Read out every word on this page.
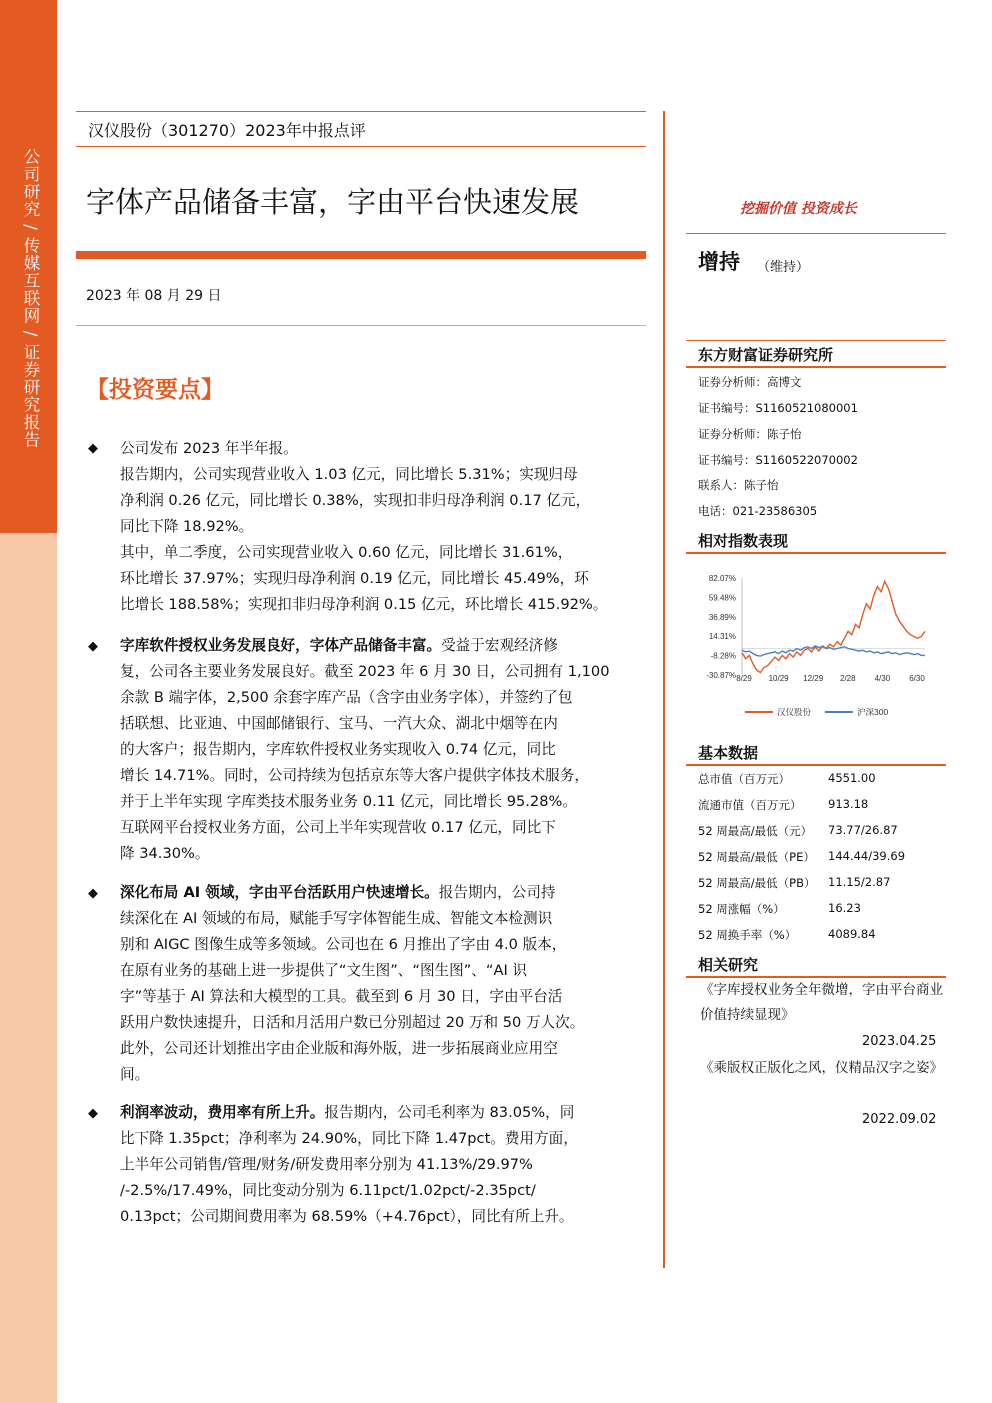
公司研究 / 传媒互联网 / 证券研究报告
汉仪股份（301270）2023年中报点评
字体产品储备丰富，字由平台快速发展
2023 年 08 月 29 日
【投资要点】
◆ 公司发布 2023 年半年报。
报告期内，公司实现营业收入 1.03 亿元，同比增长 5.31%；实现归母
净利润 0.26 亿元，同比增长 0.38%，实现扣非归母净利润 0.17 亿元，
同比下降 18.92%。
其中，单二季度，公司实现营业收入 0.60 亿元，同比增长 31.61%，
环比增长 37.97%；实现归母净利润 0.19 亿元，同比增长 45.49%，环
比增长 188.58%；实现扣非归母净利润 0.15 亿元，环比增长 415.92%。
◆ 字库软件授权业务发展良好，字体产品储备丰富。受益于宏观经济修
复，公司各主要业务发展良好。截至 2023 年 6 月 30 日，公司拥有 1,100
余款 B 端字体，2,500 余套字库产品（含字由业务字体），并签约了包
括联想、比亚迪、中国邮储银行、宝马、一汽大众、湖北中烟等在内
的大客户；报告期内，字库软件授权业务实现收入 0.74 亿元，同比
增长 14.71%。同时，公司持续为包括京东等大客户提供字体技术服务，
并于上半年实现 字库类技术服务业务 0.11 亿元，同比增长 95.28%。
互联网平台授权业务方面，公司上半年实现营收 0.17 亿元，同比下
降 34.30%。
◆ 深化布局 AI 领域，字由平台活跃用户快速增长。报告期内，公司持
续深化在 AI 领域的布局，赋能手写字体智能生成、智能文本检测识
别和 AIGC 图像生成等多领域。公司也在 6 月推出了字由 4.0 版本，
在原有业务的基础上进一步提供了“文生图”、“图生图”、“AI 识
字”等基于 AI 算法和大模型的工具。截至到 6 月 30 日，字由平台活
跃用户数快速提升，日活和月活用户数已分别超过 20 万和 50 万人次。
此外，公司还计划推出字由企业版和海外版，进一步拓展商业应用空
间。
◆ 利润率波动，费用率有所上升。报告期内，公司毛利率为 83.05%，同
比下降 1.35pct；净利率为 24.90%，同比下降 1.47pct。费用方面，
上半年公司销售/管理/财务/研发费用率分别为 41.13%/29.97%
/-2.5%/17.49%，同比变动分别为 6.11pct/1.02pct/-2.35pct/
0.13pct；公司期间费用率为 68.59%（+4.76pct），同比有所上升。
挖掘价值 投资成长
增持 （维持）
东方财富证券研究所
证券分析师：高博文
证书编号：S1160521080001
证券分析师：陈子怡
证书编号：S1160522070002
联系人：陈子怡
电话：021-23586305
相对指数表现
82.07%
59.48%
36.89%
14.31%
-8.28%
-30.87% 8/29 10/29 12/29 2/28 4/30 6/30
汉仪股份	沪深300
基本数据
总市值（百万元）	4551.00
流通市值（百万元） 913.18
52 周最高/最低（元） 73.77/26.87
52 周最高/最低（PE） 144.44/39.69
52 周最高/最低（PB） 11.15/2.87
52 周涨幅（%）	16.23
52 周换手率（%）	4089.84
相关研究
《字库授权业务全年微增，字由平台商业价值持续显现》
2023.04.25
《乘版权正版化之风，仪精品汉字之姿》
2022.09.02
